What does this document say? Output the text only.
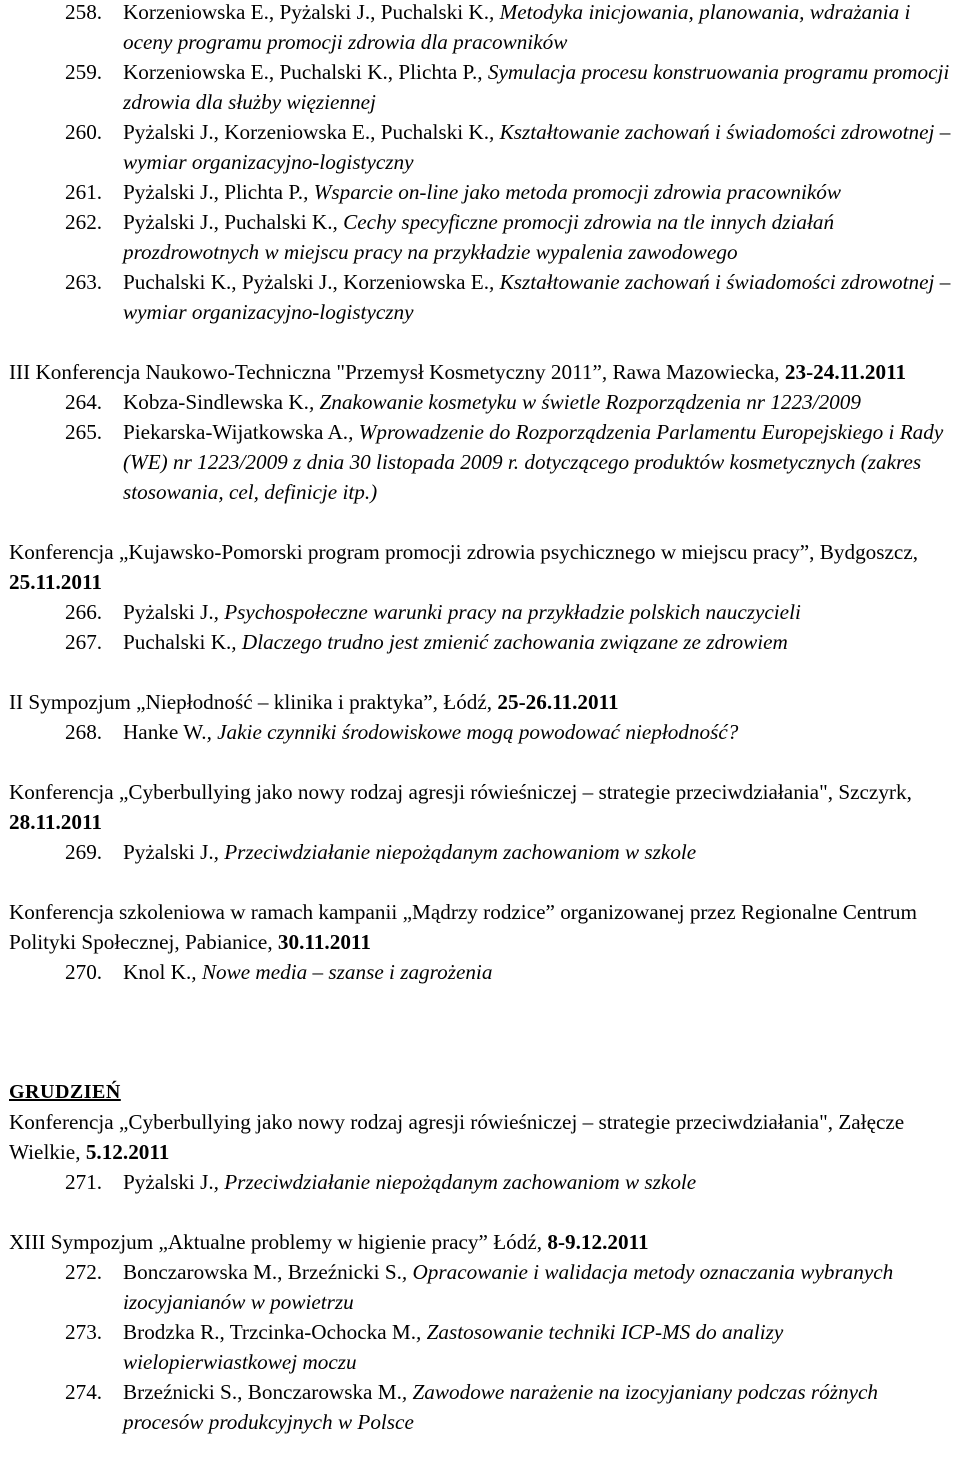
258. Korzeniowska E., Pyżalski J., Puchalski K., Metodyka inicjowania, planowania, wdrażania i oceny programu promocji zdrowia dla pracowników
259. Korzeniowska E., Puchalski K., Plichta P., Symulacja procesu konstruowania programu promocji zdrowia dla służby więziennej
260. Pyżalski J., Korzeniowska E., Puchalski K., Kształtowanie zachowań i świadomości zdrowotnej – wymiar organizacyjno-logistyczny
261. Pyżalski J., Plichta P., Wsparcie on-line jako metoda promocji zdrowia pracowników
262. Pyżalski J., Puchalski K., Cechy specyficzne promocji zdrowia na tle innych działań prozdrowotnych w miejscu pracy na przykładzie wypalenia zawodowego
263. Puchalski K., Pyżalski J., Korzeniowska E., Kształtowanie zachowań i świadomości zdrowotnej – wymiar organizacyjno-logistyczny
III Konferencja Naukowo-Techniczna "Przemysł Kosmetyczny 2011”, Rawa Mazowiecka, 23-24.11.2011
264. Kobza-Sindlewska K., Znakowanie kosmetyku w świetle Rozporządzenia nr 1223/2009
265. Piekarska-Wijatkowska A., Wprowadzenie do Rozporządzenia Parlamentu Europejskiego i Rady (WE) nr 1223/2009 z dnia 30 listopada 2009 r. dotyczącego produktów kosmetycznych (zakres stosowania, cel, definicje itp.)
Konferencja „Kujawsko-Pomorski program promocji zdrowia psychicznego w miejscu pracy”, Bydgoszcz, 25.11.2011
266. Pyżalski J., Psychospołeczne warunki pracy na przykładzie polskich nauczycieli
267. Puchalski K., Dlaczego trudno jest zmienić zachowania związane ze zdrowiem
II Sympozjum „Niepłodność – klinika i praktyka”, Łódź, 25-26.11.2011
268. Hanke W., Jakie czynniki środowiskowe mogą powodować niepłodność?
Konferencja „Cyberbullying jako nowy rodzaj agresji rówieśniczej – strategie przeciwdziałania", Szczyrk, 28.11.2011
269. Pyżalski J., Przeciwdziałanie niepożądanym zachowaniom w szkole
Konferencja szkoleniowa w ramach kampanii „Mądrzy rodzice” organizowanej przez Regionalne Centrum Polityki Społecznej, Pabianice, 30.11.2011
270. Knol K., Nowe media – szanse i zagrożenia
GRUDZIEŃ
Konferencja „Cyberbullying jako nowy rodzaj agresji rówieśniczej – strategie przeciwdziałania", Załęcze Wielkie, 5.12.2011
271. Pyżalski J., Przeciwdziałanie niepożądanym zachowaniom w szkole
XIII Sympozjum „Aktualne problemy w higienie pracy” Łódź, 8-9.12.2011
272. Bonczarowska M., Brzeźnicki S., Opracowanie i walidacja metody oznaczania wybranych izocyjanianów w powietrzu
273. Brodzka R., Trzcinka-Ochocka M., Zastosowanie techniki ICP-MS do analizy wielopierwiastkowej moczu
274. Brzeźnicki S., Bonczarowska M., Zawodowe narażenie na izocyjaniany podczas różnych procesów produkcyjnych w Polsce
